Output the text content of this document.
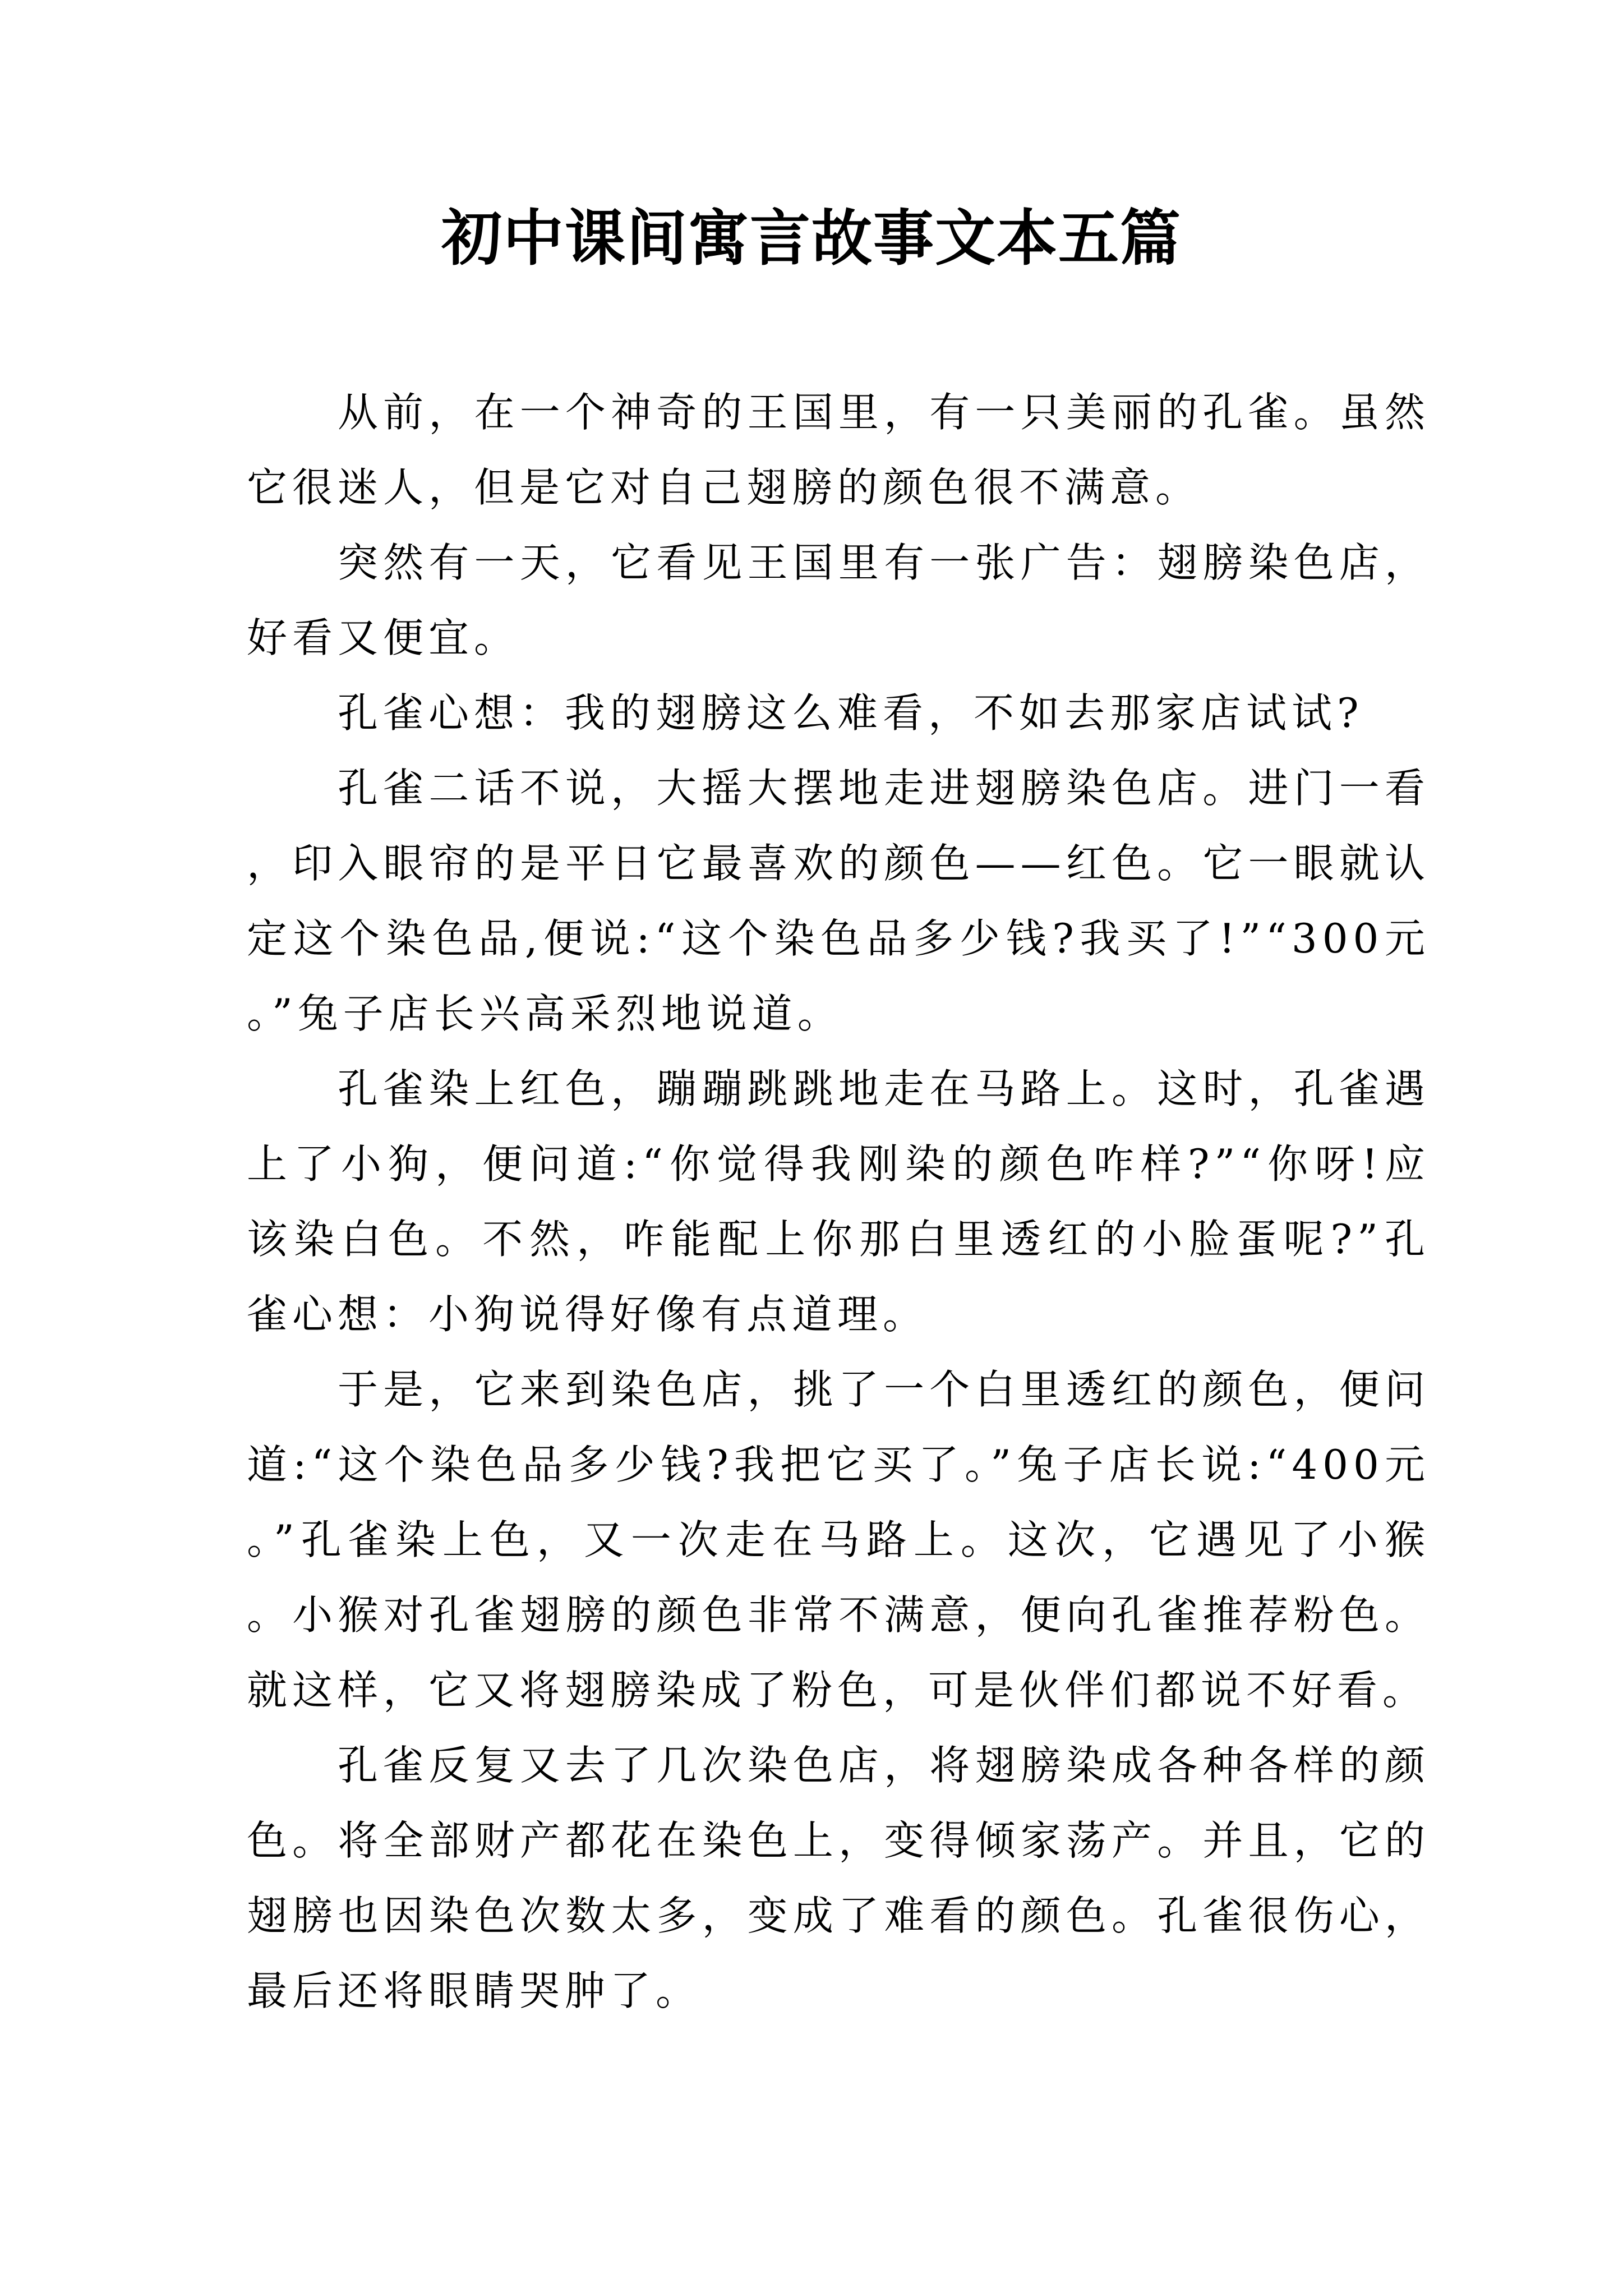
初中课间寓言故事文本五篇

从前，在一个神奇的王国里，有一只美丽的孔雀。虽然它很迷人，但是它对自己翅膀的颜色很不满意。

突然有一天，它看见王国里有一张广告：翅膀染色店，好看又便宜。

孔雀心想：我的翅膀这么难看，不如去那家店试试?

孔雀二话不说，大摇大摆地走进翅膀染色店。进门一看，印入眼帘的是平日它最喜欢的颜色——红色。它一眼就认定这个染色品,便说:“这个染色品多少钱?我买了!”“300元。”兔子店长兴高采烈地说道。

孔雀染上红色，蹦蹦跳跳地走在马路上。这时，孔雀遇上了小狗，便问道:“你觉得我刚染的颜色咋样?”“你呀!应该染白色。不然，咋能配上你那白里透红的小脸蛋呢?”孔雀心想：小狗说得好像有点道理。

于是，它来到染色店，挑了一个白里透红的颜色，便问道:“这个染色品多少钱?我把它买了。”兔子店长说:“400元。”孔雀染上色，又一次走在马路上。这次，它遇见了小猴。小猴对孔雀翅膀的颜色非常不满意，便向孔雀推荐粉色。就这样，它又将翅膀染成了粉色，可是伙伴们都说不好看。

孔雀反复又去了几次染色店，将翅膀染成各种各样的颜色。将全部财产都花在染色上，变得倾家荡产。并且，它的翅膀也因染色次数太多，变成了难看的颜色。孔雀很伤心，最后还将眼睛哭肿了。
